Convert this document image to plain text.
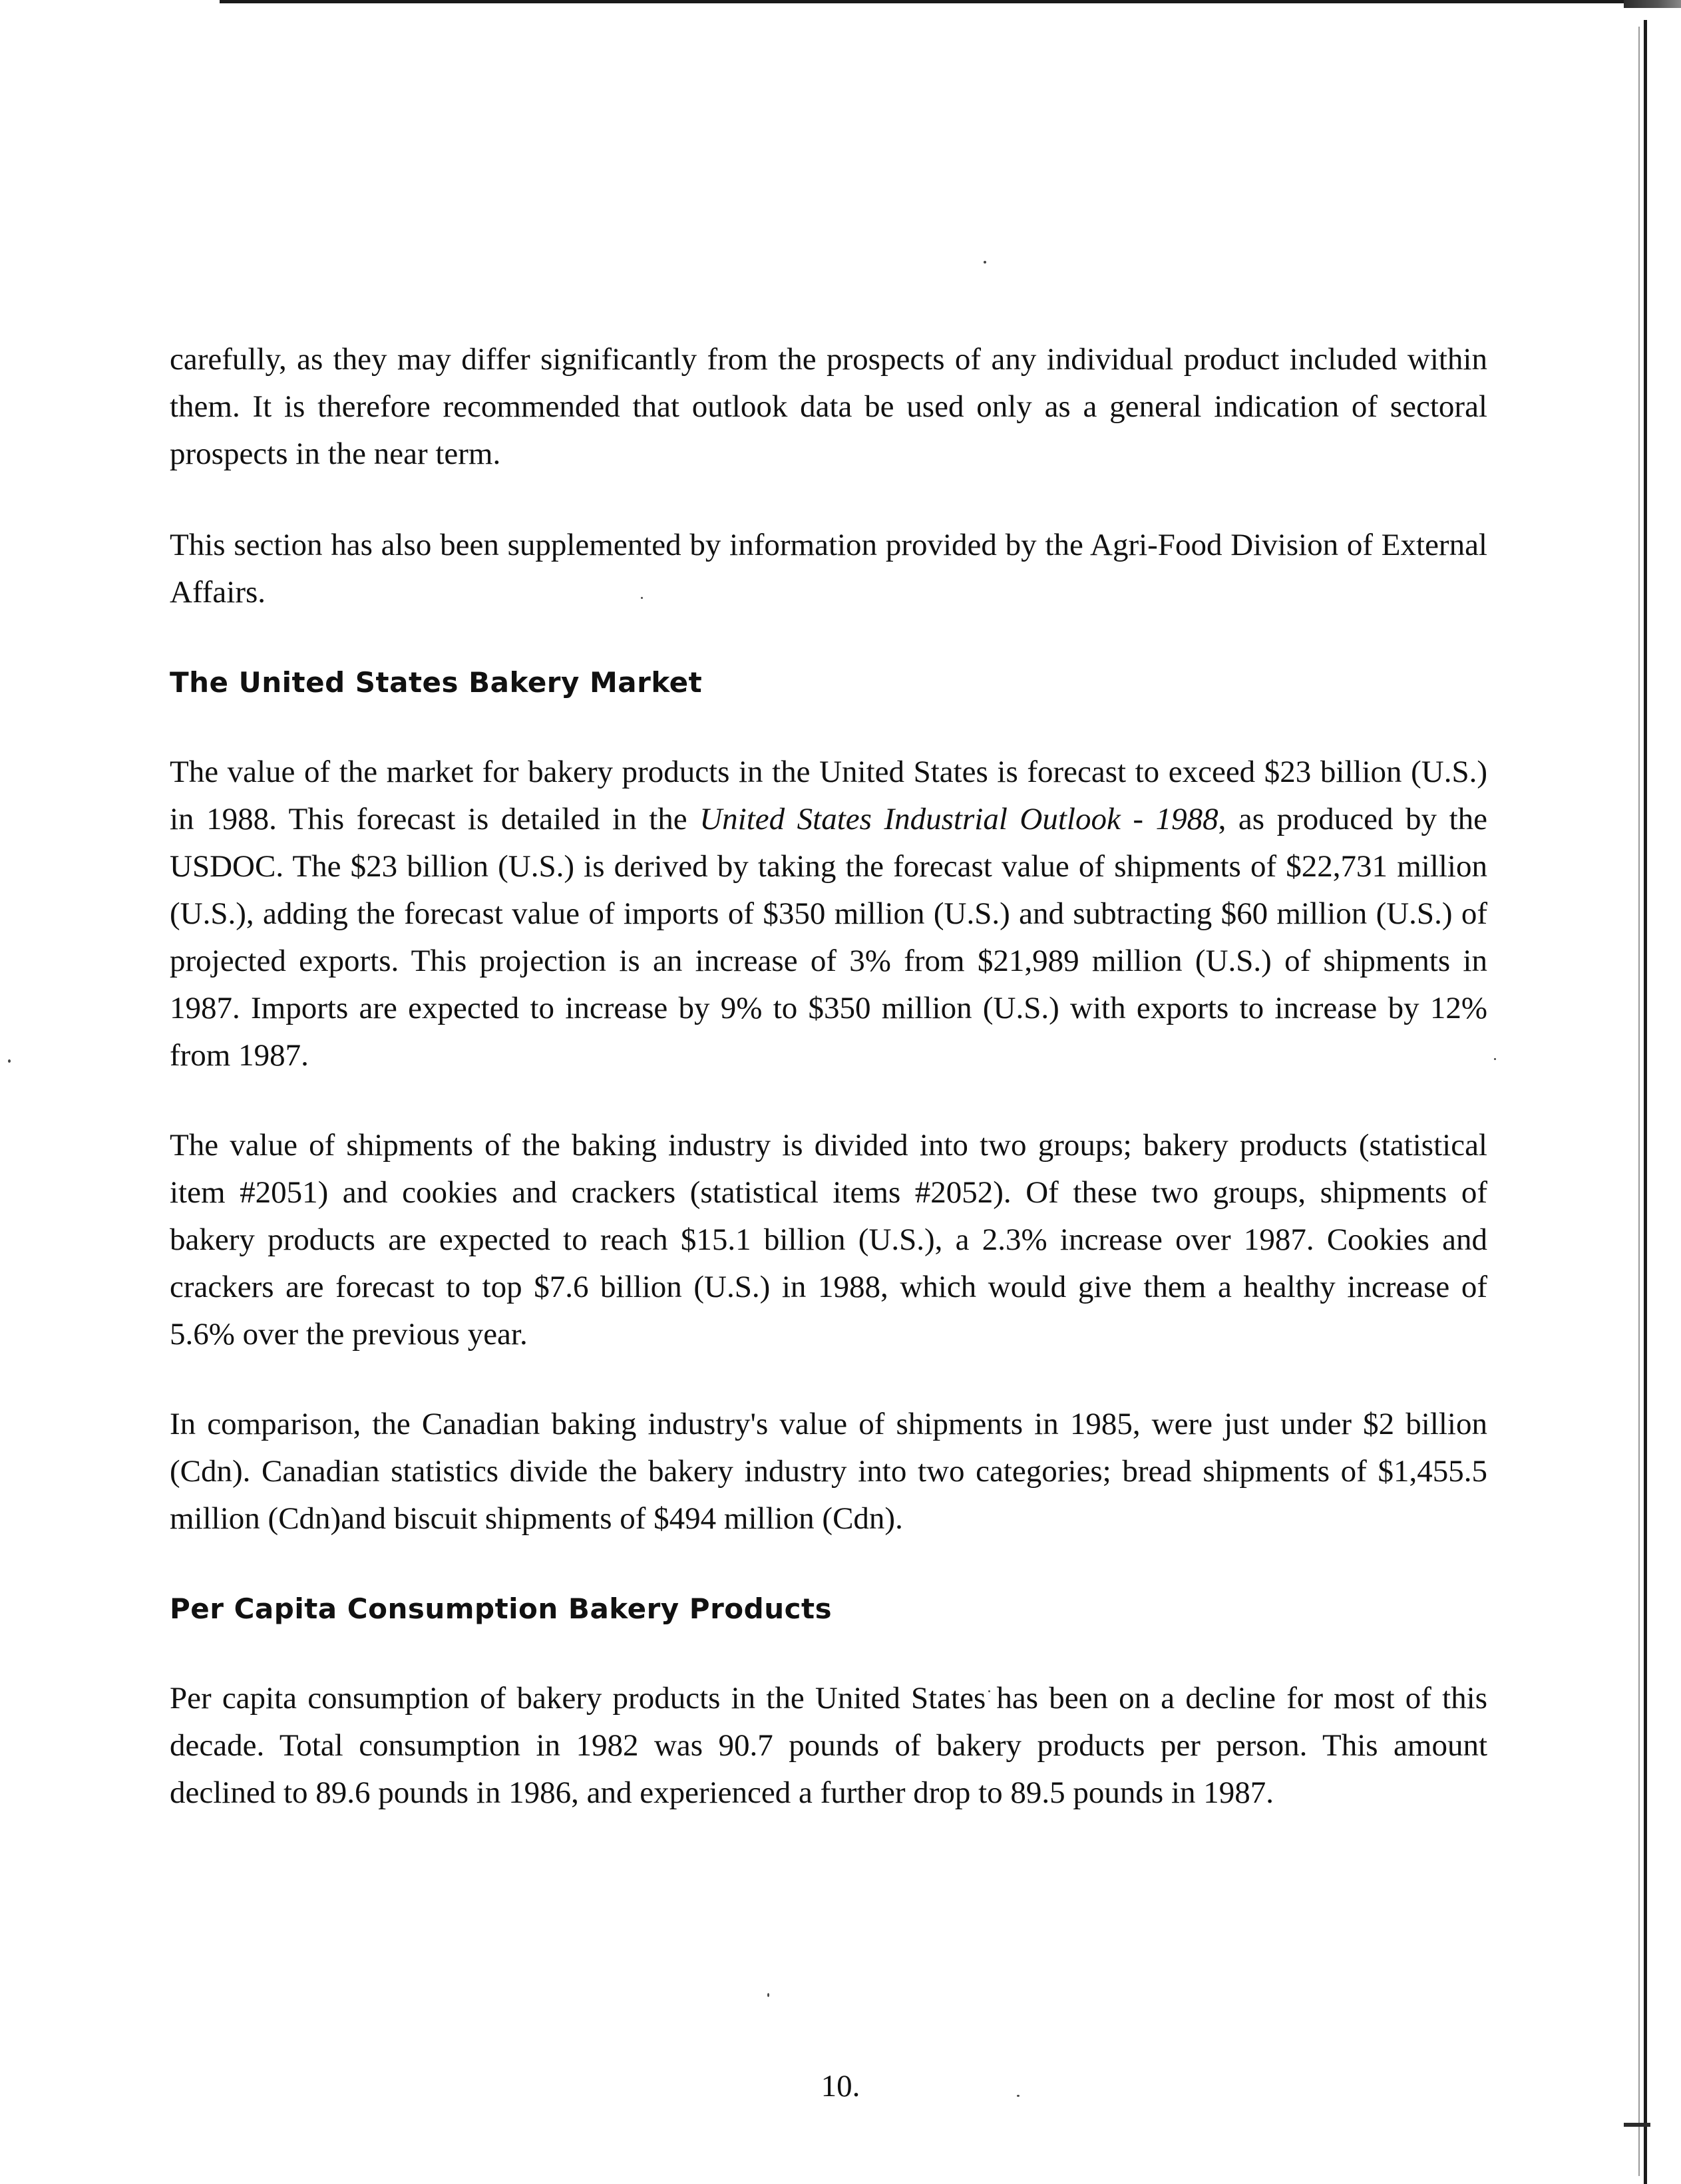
carefully, as they may differ significantly from the prospects of any individual product included within them. It is therefore recommended that outlook data be used only as a general indication of sectoral prospects in the near term.

This section has also been supplemented by information provided by the Agri-Food Division of External Affairs.

The United States Bakery Market

The value of the market for bakery products in the United States is forecast to exceed $23 billion (U.S.) in 1988. This forecast is detailed in the United States Industrial Outlook - 1988, as produced by the USDOC. The $23 billion (U.S.) is derived by taking the forecast value of shipments of $22,731 million (U.S.), adding the forecast value of imports of $350 million (U.S.) and subtracting $60 million (U.S.) of projected exports. This projection is an increase of 3% from $21,989 million (U.S.) of shipments in 1987. Imports are expected to increase by 9% to $350 million (U.S.) with exports to increase by 12% from 1987.

The value of shipments of the baking industry is divided into two groups; bakery products (statistical item #2051) and cookies and crackers (statistical items #2052). Of these two groups, shipments of bakery products are expected to reach $15.1 billion (U.S.), a 2.3% increase over 1987. Cookies and crackers are forecast to top $7.6 billion (U.S.) in 1988, which would give them a healthy increase of 5.6% over the previous year.

In comparison, the Canadian baking industry's value of shipments in 1985, were just under $2 billion (Cdn). Canadian statistics divide the bakery industry into two categories; bread shipments of $1,455.5 million (Cdn)and biscuit shipments of $494 million (Cdn).

Per Capita Consumption Bakery Products

Per capita consumption of bakery products in the United States has been on a decline for most of this decade. Total consumption in 1982 was 90.7 pounds of bakery products per person. This amount declined to 89.6 pounds in 1986, and experienced a further drop to 89.5 pounds in 1987.

10.
